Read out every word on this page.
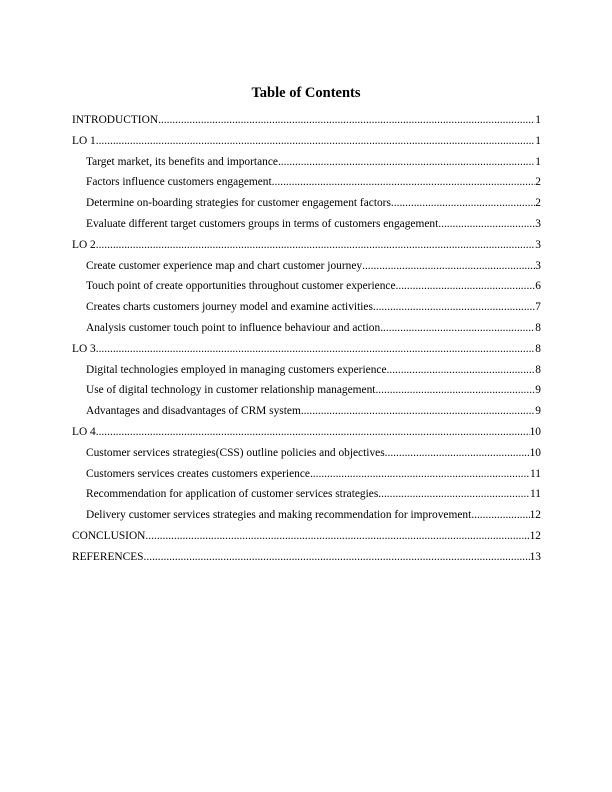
Table of Contents
INTRODUCTION .....	1
LO 1 .....	1
Target market, its benefits and importance .....	1
Factors influence customers engagement .....	2
Determine on-boarding strategies for customer engagement factors .....	2
Evaluate different target customers groups in terms of customers engagement .....	3
LO 2 .....	3
Create customer experience map and chart customer journey .....	3
Touch point of create opportunities throughout customer experience .....	6
Creates charts customers journey model and examine activities .....	7
Analysis customer touch point to influence behaviour and action .....	8
LO 3 .....	8
Digital technologies employed in managing customers experience .....	8
Use of digital technology in customer relationship management .....	9
Advantages and disadvantages of CRM system .....	9
LO 4 .....	10
Customer services strategies(CSS) outline policies and objectives .....	10
Customers services creates customers experience .....	11
Recommendation for application of customer services strategies .....	11
Delivery customer services strategies and making recommendation for improvement .....	12
CONCLUSION .....	12
REFERENCES .....	13
